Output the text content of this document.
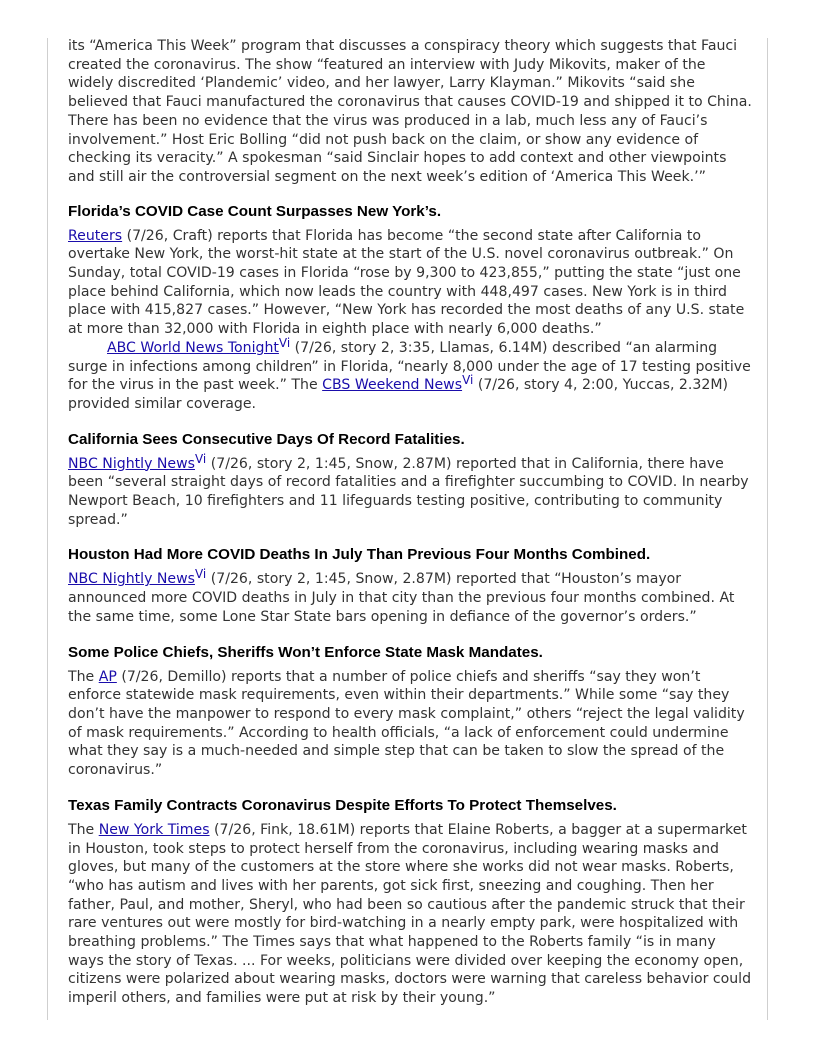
its “America This Week” program that discusses a conspiracy theory which suggests that Fauci created the coronavirus. The show “featured an interview with Judy Mikovits, maker of the widely discredited ‘Plandemic’ video, and her lawyer, Larry Klayman.” Mikovits “said she believed that Fauci manufactured the coronavirus that causes COVID-19 and shipped it to China. There has been no evidence that the virus was produced in a lab, much less any of Fauci’s involvement.” Host Eric Bolling “did not push back on the claim, or show any evidence of checking its veracity.” A spokesman “said Sinclair hopes to add context and other viewpoints and still air the controversial segment on the next week’s edition of ‘America This Week.’”

Florida’s COVID Case Count Surpasses New York’s.

Reuters (7/26, Craft) reports that Florida has become “the second state after California to overtake New York, the worst-hit state at the start of the U.S. novel coronavirus outbreak.” On Sunday, total COVID-19 cases in Florida “rose by 9,300 to 423,855,” putting the state “just one place behind California, which now leads the country with 448,497 cases. New York is in third place with 415,827 cases.” However, “New York has recorded the most deaths of any U.S. state at more than 32,000 with Florida in eighth place with nearly 6,000 deaths.”

ABC World News Tonight$^{Vi}$ (7/26, story 2, 3:35, Llamas, 6.14M) described “an alarming surge in infections among children” in Florida, “nearly 8,000 under the age of 17 testing positive for the virus in the past week.” The CBS Weekend News$^{Vi}$ (7/26, story 4, 2:00, Yuccas, 2.32M) provided similar coverage.

California Sees Consecutive Days Of Record Fatalities.

NBC Nightly News$^{Vi}$ (7/26, story 2, 1:45, Snow, 2.87M) reported that in California, there have been “several straight days of record fatalities and a firefighter succumbing to COVID. In nearby Newport Beach, 10 firefighters and 11 lifeguards testing positive, contributing to community spread.”

Houston Had More COVID Deaths In July Than Previous Four Months Combined.

NBC Nightly News$^{Vi}$ (7/26, story 2, 1:45, Snow, 2.87M) reported that “Houston’s mayor announced more COVID deaths in July in that city than the previous four months combined. At the same time, some Lone Star State bars opening in defiance of the governor’s orders.”

Some Police Chiefs, Sheriffs Won’t Enforce State Mask Mandates.

The AP (7/26, Demillo) reports that a number of police chiefs and sheriffs “say they won’t enforce statewide mask requirements, even within their departments.” While some “say they don’t have the manpower to respond to every mask complaint,” others “reject the legal validity of mask requirements.” According to health officials, “a lack of enforcement could undermine what they say is a much-needed and simple step that can be taken to slow the spread of the coronavirus.”

Texas Family Contracts Coronavirus Despite Efforts To Protect Themselves.

The New York Times (7/26, Fink, 18.61M) reports that Elaine Roberts, a bagger at a supermarket in Houston, took steps to protect herself from the coronavirus, including wearing masks and gloves, but many of the customers at the store where she works did not wear masks. Roberts, “who has autism and lives with her parents, got sick first, sneezing and coughing. Then her father, Paul, and mother, Sheryl, who had been so cautious after the pandemic struck that their rare ventures out were mostly for bird-watching in a nearly empty park, were hospitalized with breathing problems.” The Times says that what happened to the Roberts family “is in many ways the story of Texas. ... For weeks, politicians were divided over keeping the economy open, citizens were polarized about wearing masks, doctors were warning that careless behavior could imperil others, and families were put at risk by their young.”
